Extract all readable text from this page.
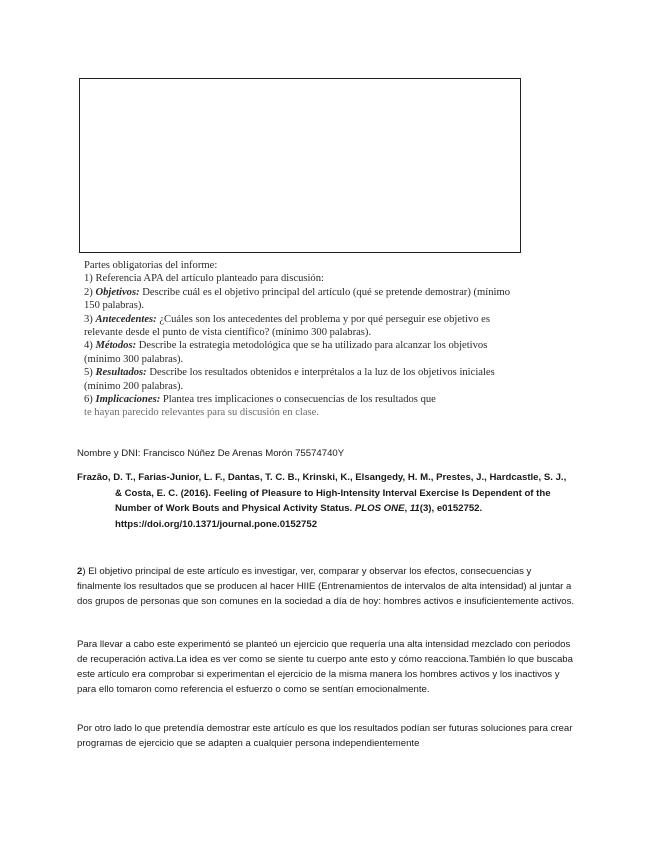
Partes obligatorias del informe:

1) Referencia APA del artículo planteado para discusión:

2) Objetivos: Describe cuál es el objetivo principal del artículo (qué se pretende demostrar) (mínimo 150 palabras).

3) Antecedentes: ¿Cuáles son los antecedentes del problema y por qué perseguir ese objetivo es relevante desde el punto de vista científico? (mínimo 300 palabras).

4) Métodos: Describe la estrategia metodológica que se ha utilizado para alcanzar los objetivos (mínimo 300 palabras).

5) Resultados: Describe los resultados obtenidos e interprétalos a la luz de los objetivos iniciales (mínimo 200 palabras).

6) Implicaciones: Plantea tres implicaciones o consecuencias de los resultados que

te hayan parecido relevantes para su discusión en clase.

Nombre y DNI: Francisco Núñez De Arenas Morón 75574740Y

Frazão, D. T., Farias-Junior, L. F., Dantas, T. C. B., Krinski, K., Elsangedy, H. M., Prestes, J., Hardcastle, S. J., & Costa, E. C. (2016). Feeling of Pleasure to High-Intensity Interval Exercise Is Dependent of the Number of Work Bouts and Physical Activity Status. PLOS ONE, 11(3), e0152752. https://doi.org/10.1371/journal.pone.0152752

2) El objetivo principal de este artículo es investigar, ver, comparar y observar los efectos, consecuencias y finalmente los resultados que se producen al hacer HIIE (Entrenamientos de intervalos de alta intensidad) al juntar a dos grupos de personas que son comunes en la sociedad a día de hoy: hombres activos e insuficientemente activos.

Para llevar a cabo este experimentó se planteó un ejercicio que requería una alta intensidad mezclado con periodos de recuperación activa.La idea es ver como se siente tu cuerpo ante esto y cómo reacciona.También lo que buscaba este artículo era comprobar si experimentan el ejercicio de la misma manera los hombres activos y los inactivos y para ello tomaron como referencia el esfuerzo o como se sentían emocionalmente.

Por otro lado lo que pretendía demostrar este artículo es que los resultados podían ser futuras soluciones para crear programas de ejercicio que se adapten a cualquier persona independientemente
